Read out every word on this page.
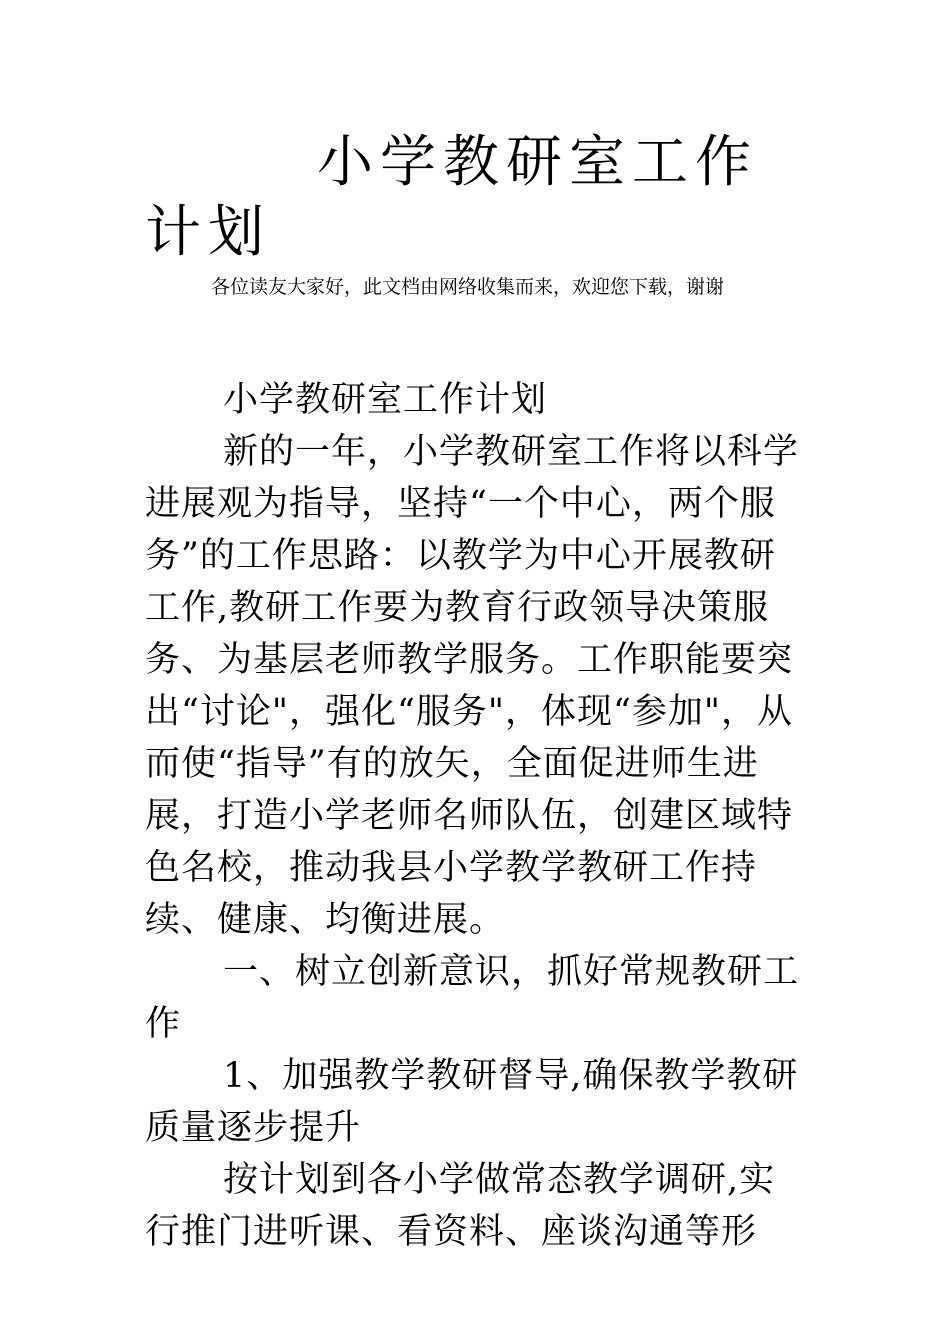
小学教研室工作计划

各位读友大家好，此文档由网络收集而来，欢迎您下载，谢谢

小学教研室工作计划

新的一年，小学教研室工作将以科学进展观为指导，坚持“一个中心，两个服务”的工作思路：以教学为中心开展教研工作,教研工作要为教育行政领导决策服务、为基层老师教学服务。工作职能要突出“讨论"，强化“服务"，体现“参加"，从而使“指导”有的放矢，全面促进师生进展，打造小学老师名师队伍，创建区域特色名校，推动我县小学教学教研工作持续、健康、均衡进展。

一、树立创新意识，抓好常规教研工作

1、加强教学教研督导,确保教学教研质量逐步提升

按计划到各小学做常态教学调研,实行推门进听课、看资料、座谈沟通等形
